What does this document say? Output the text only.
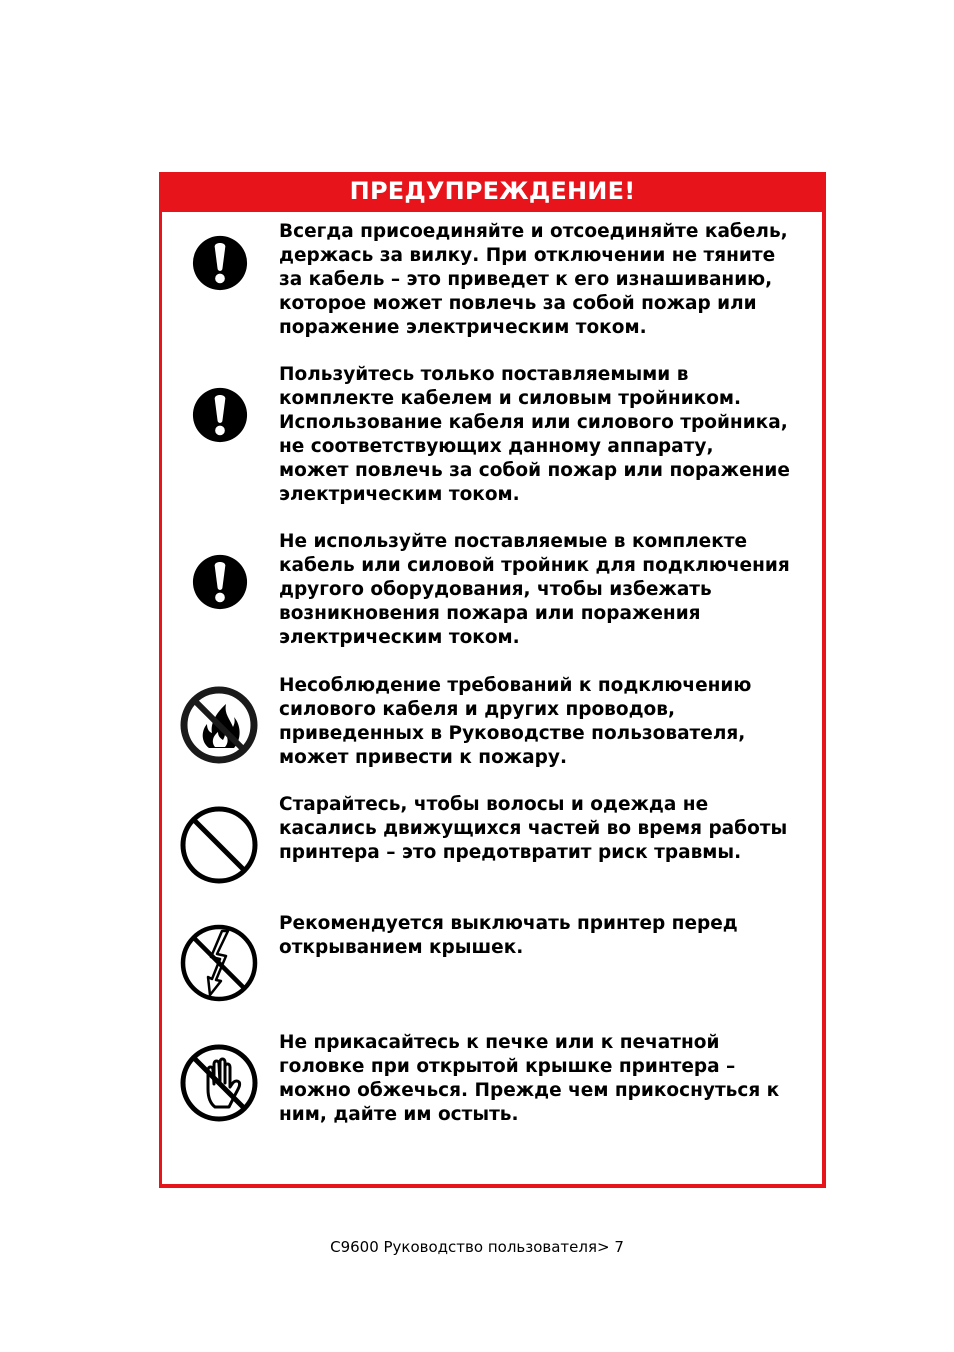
ПРЕДУПРЕЖДЕНИЕ!
Всегда присоединяйте и отсоединяйте кабель,
держась за вилку. При отключении не тяните
за кабель – это приведет к его изнашиванию,
которое может повлечь за собой пожар или
поражение электрическим током.
Пользуйтесь только поставляемыми в
комплекте кабелем и силовым тройником.
Использование кабеля или силового тройника,
не соответствующих данному аппарату,
может повлечь за собой пожар или поражение
электрическим током.
Не используйте поставляемые в комплекте
кабель или силовой тройник для подключения
другого оборудования, чтобы избежать
возникновения пожара или поражения
электрическим током.
Несоблюдение требований к подключению
силового кабеля и других проводов,
приведенных в Руководстве пользователя,
может привести к пожару.
Старайтесь, чтобы волосы и одежда не
касались движущихся частей во время работы
принтера – это предотвратит риск травмы.
Рекомендуется выключать принтер перед
открыванием крышек.
Не прикасайтесь к печке или к печатной
головке при открытой крышке принтера –
можно обжечься. Прежде чем прикоснуться к
ним, дайте им остыть.
C9600 Руководство пользователя> 7
